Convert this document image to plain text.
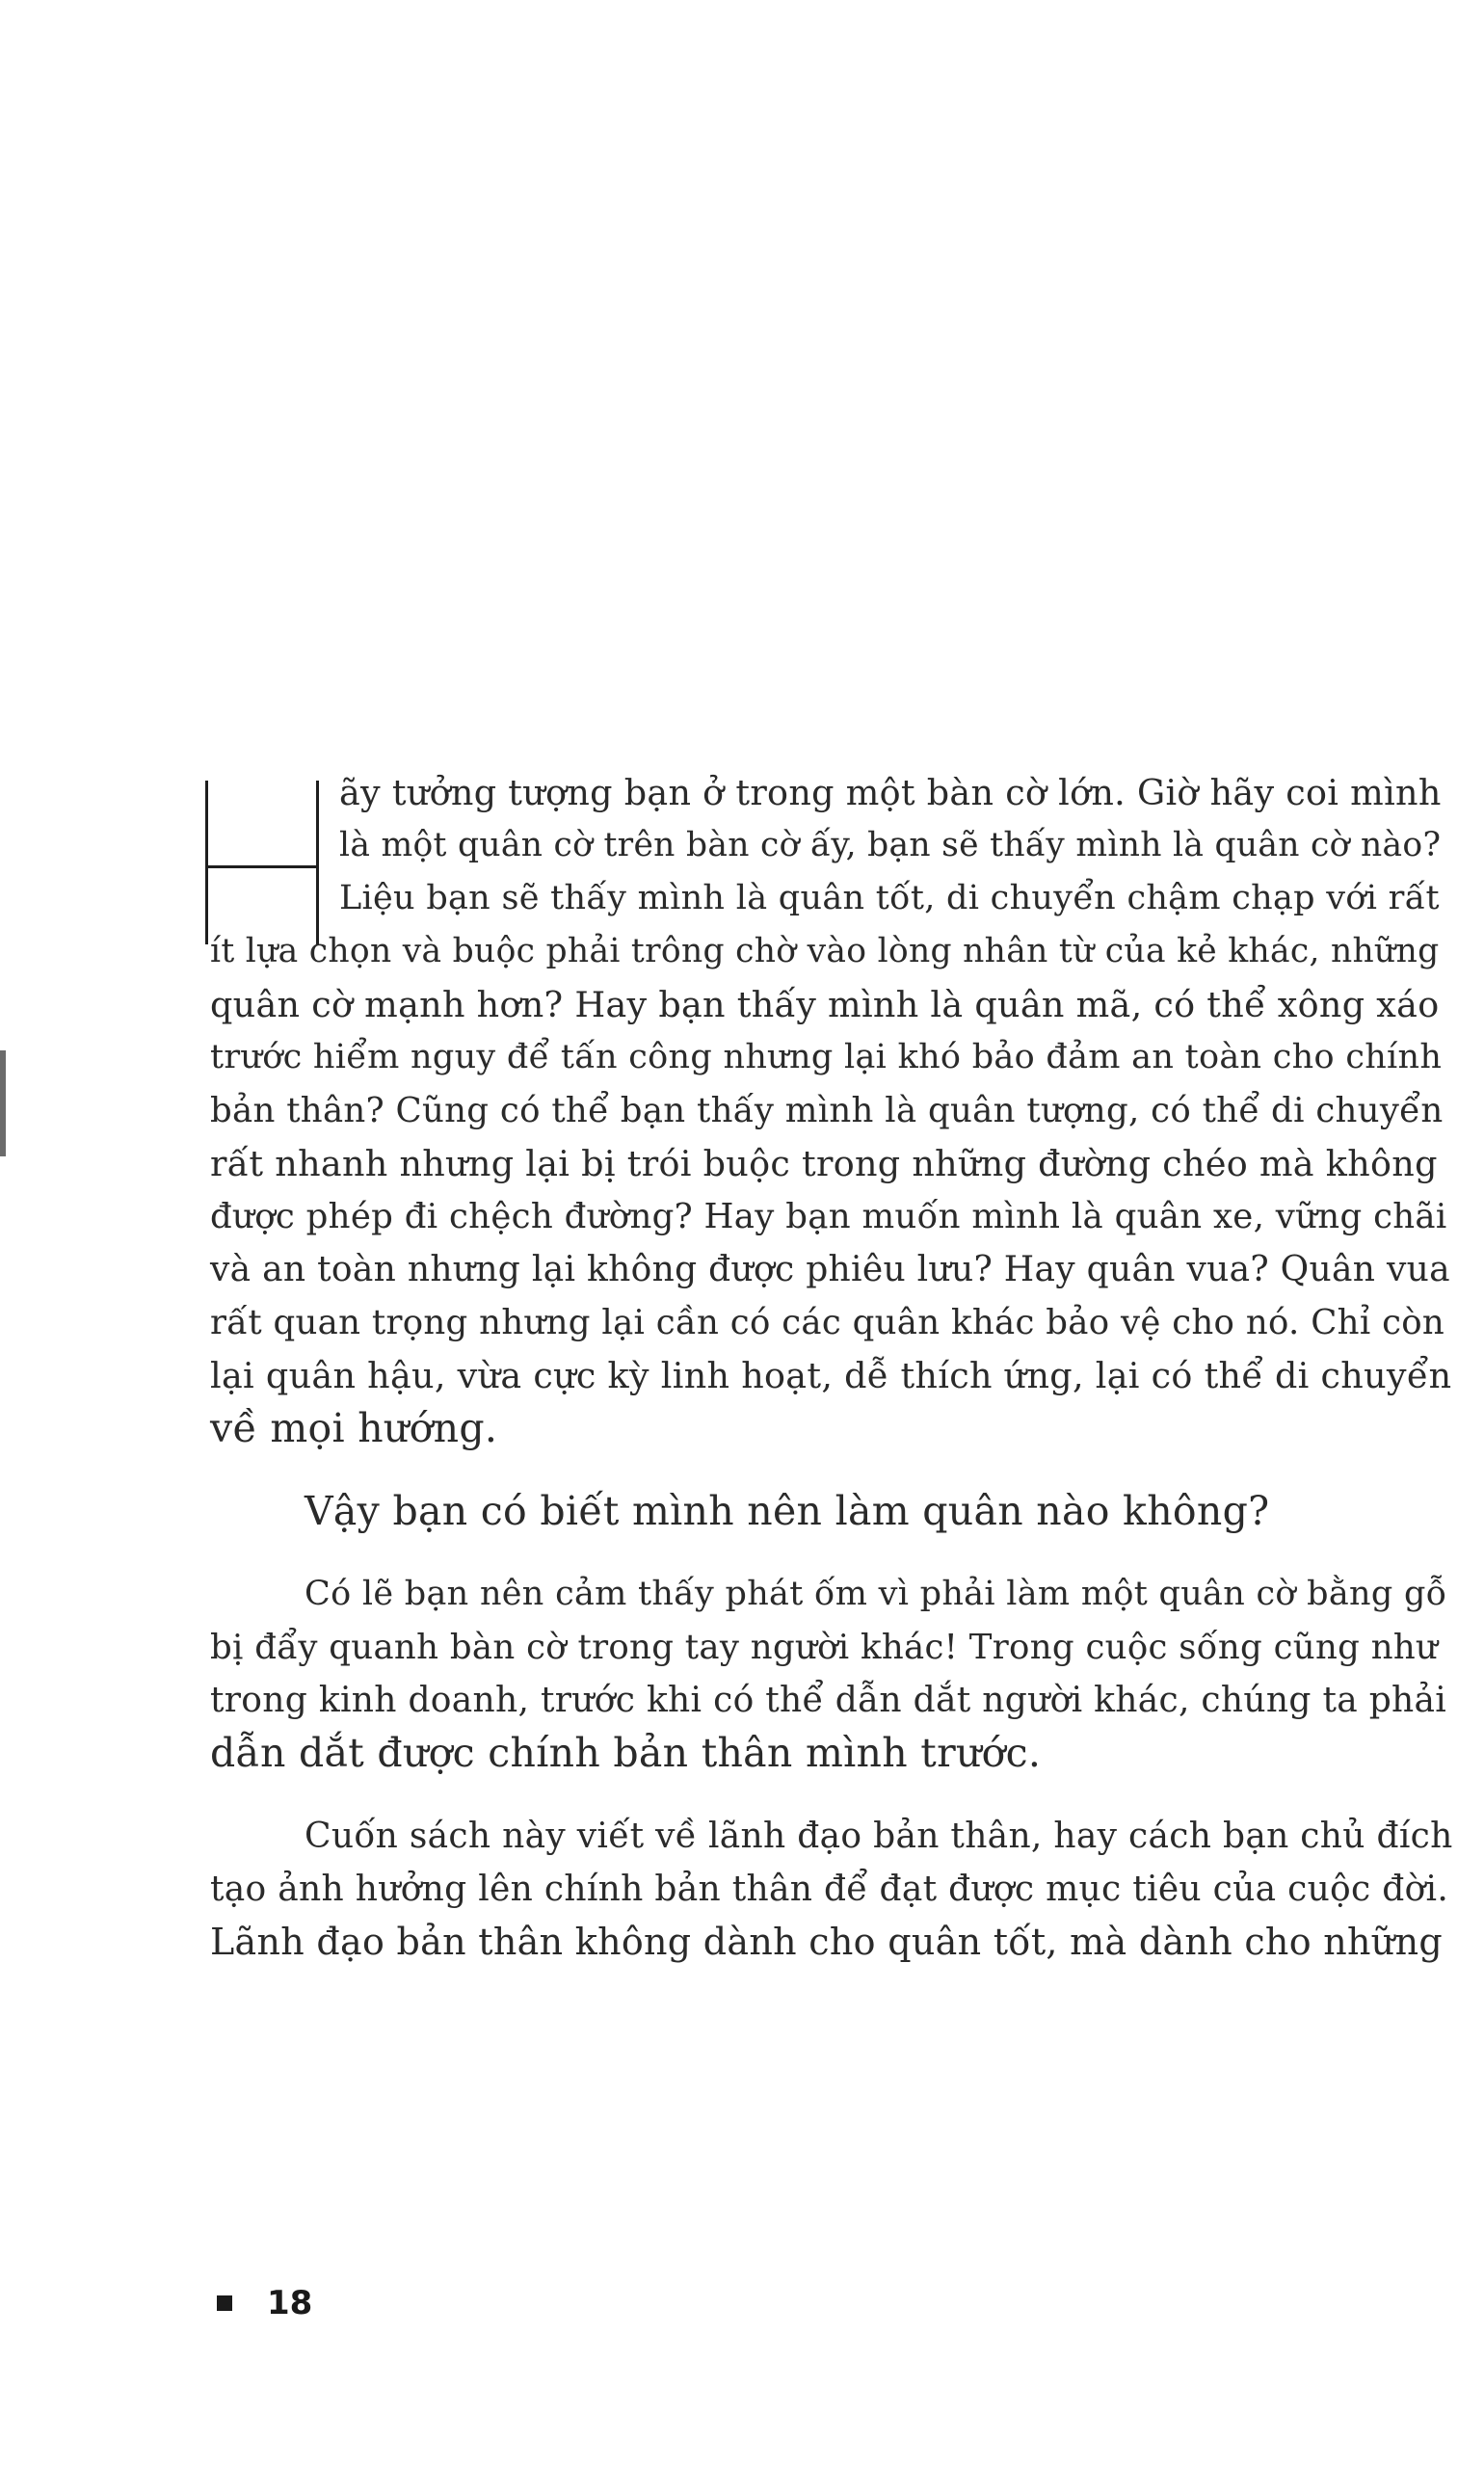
ãy tưởng tượng bạn ở trong một bàn cờ lớn. Giờ hãy coi mình
là một quân cờ trên bàn cờ ấy, bạn sẽ thấy mình là quân cờ nào?
Liệu bạn sẽ thấy mình là quân tốt, di chuyển chậm chạp với rất
ít lựa chọn và buộc phải trông chờ vào lòng nhân từ của kẻ khác, những
quân cờ mạnh hơn? Hay bạn thấy mình là quân mã, có thể xông xáo
trước hiểm nguy để tấn công nhưng lại khó bảo đảm an toàn cho chính
bản thân? Cũng có thể bạn thấy mình là quân tượng, có thể di chuyển
rất nhanh nhưng lại bị trói buộc trong những đường chéo mà không
được phép đi chệch đường? Hay bạn muốn mình là quân xe, vững chãi
và an toàn nhưng lại không được phiêu lưu? Hay quân vua? Quân vua
rất quan trọng nhưng lại cần có các quân khác bảo vệ cho nó. Chỉ còn
lại quân hậu, vừa cực kỳ linh hoạt, dễ thích ứng, lại có thể di chuyển
về mọi hướng.
Vậy bạn có biết mình nên làm quân nào không?
Có lẽ bạn nên cảm thấy phát ốm vì phải làm một quân cờ bằng gỗ
bị đẩy quanh bàn cờ trong tay người khác! Trong cuộc sống cũng như
trong kinh doanh, trước khi có thể dẫn dắt người khác, chúng ta phải
dẫn dắt được chính bản thân mình trước.
Cuốn sách này viết về lãnh đạo bản thân, hay cách bạn chủ đích
tạo ảnh hưởng lên chính bản thân để đạt được mục tiêu của cuộc đời.
Lãnh đạo bản thân không dành cho quân tốt, mà dành cho những
18
